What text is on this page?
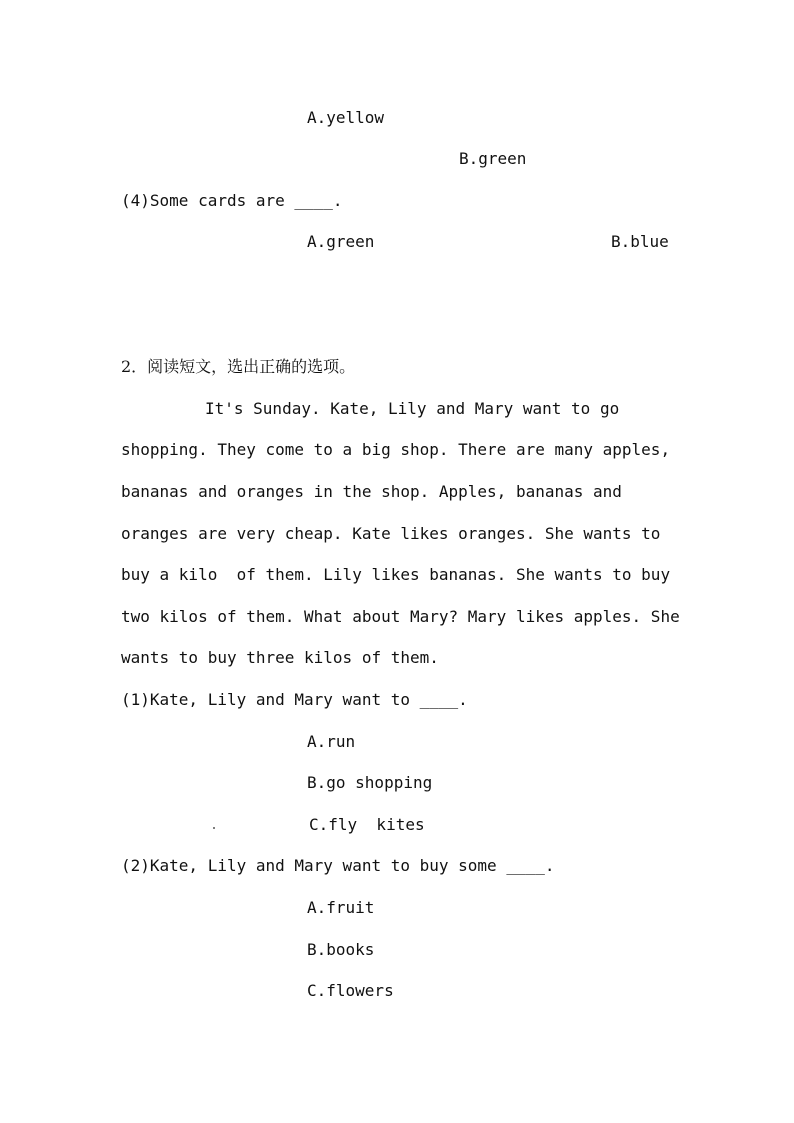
A.yellow
B.green
(4)Some cards are ____.
A.green	B.blue
2．阅读短文，选出正确的选项。
It's Sunday. Kate, Lily and Mary want to go
shopping. They come to a big shop. There are many apples,
bananas and oranges in the shop. Apples, bananas and
oranges are very cheap. Kate likes oranges. She wants to
buy a kilo  of them. Lily likes bananas. She wants to buy
two kilos of them. What about Mary? Mary likes apples. She
wants to buy three kilos of them.
(1)Kate, Lily and Mary want to ____.
A.run
B.go shopping
C.fly  kites
(2)Kate, Lily and Mary want to buy some ____.
A.fruit
B.books
C.flowers
